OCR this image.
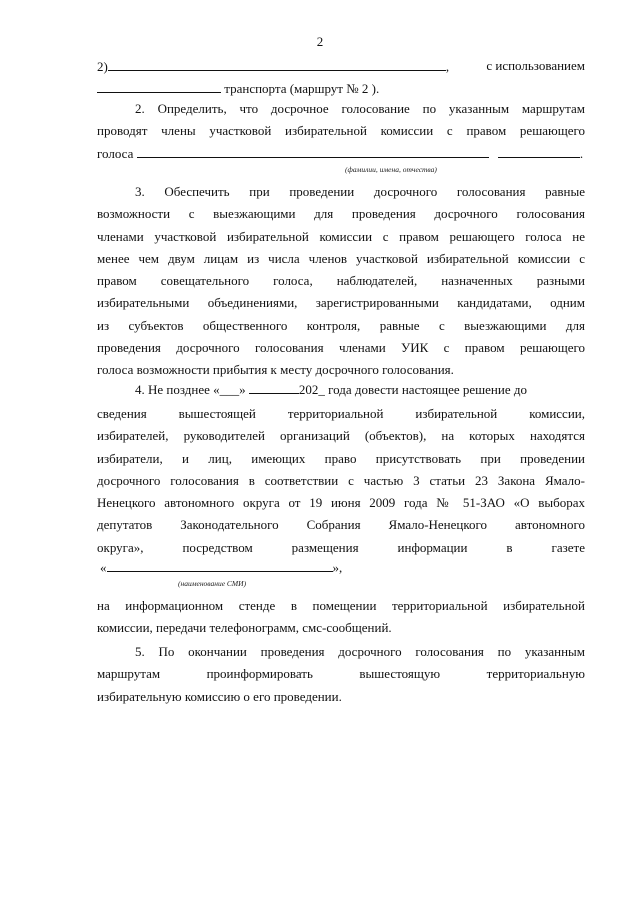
2
2)	,	с использованием
транспорта (маршрут № 2 ).
2. Определить, что досрочное голосование по указанным маршрутам
проводят члены участковой избирательной комиссии с правом решающего
голоса	.
(фамилии, имена, отчества)
3. Обеспечить при проведении досрочного голосования равные
возможности с выезжающими для проведения досрочного голосования
членами участковой избирательной комиссии с правом решающего голоса не
менее чем двум лицам из числа членов участковой избирательной комиссии с
правом совещательного голоса, наблюдателей, назначенных разными
избирательными объединениями, зарегистрированными кандидатами, одним
из субъектов общественного контроля, равные с выезжающими для
проведения досрочного голосования членами УИК с правом решающего
голоса возможности прибытия к месту досрочного голосования.
4. Не позднее «___»	202_ года довести настоящее решение до
сведения вышестоящей территориальной избирательной комиссии,
избирателей, руководителей организаций (объектов), на которых находятся
избиратели, и лиц, имеющих право присутствовать при проведении
досрочного голосования в соответствии с частью 3 статьи 23 Закона Ямало-
Ненецкого автономного округа от 19 июня 2009 года № 51-ЗАО «О выборах
депутатов Законодательного Собрания Ямало-Ненецкого автономного
округа», посредством размещения информации в газете
«	»,
(наименование СМИ)
на информационном стенде в помещении территориальной избирательной
комиссии, передачи телефонограмм, смс-сообщений.
5. По окончании проведения досрочного голосования по указанным
маршрутам проинформировать вышестоящую территориальную
избирательную комиссию о его проведении.
